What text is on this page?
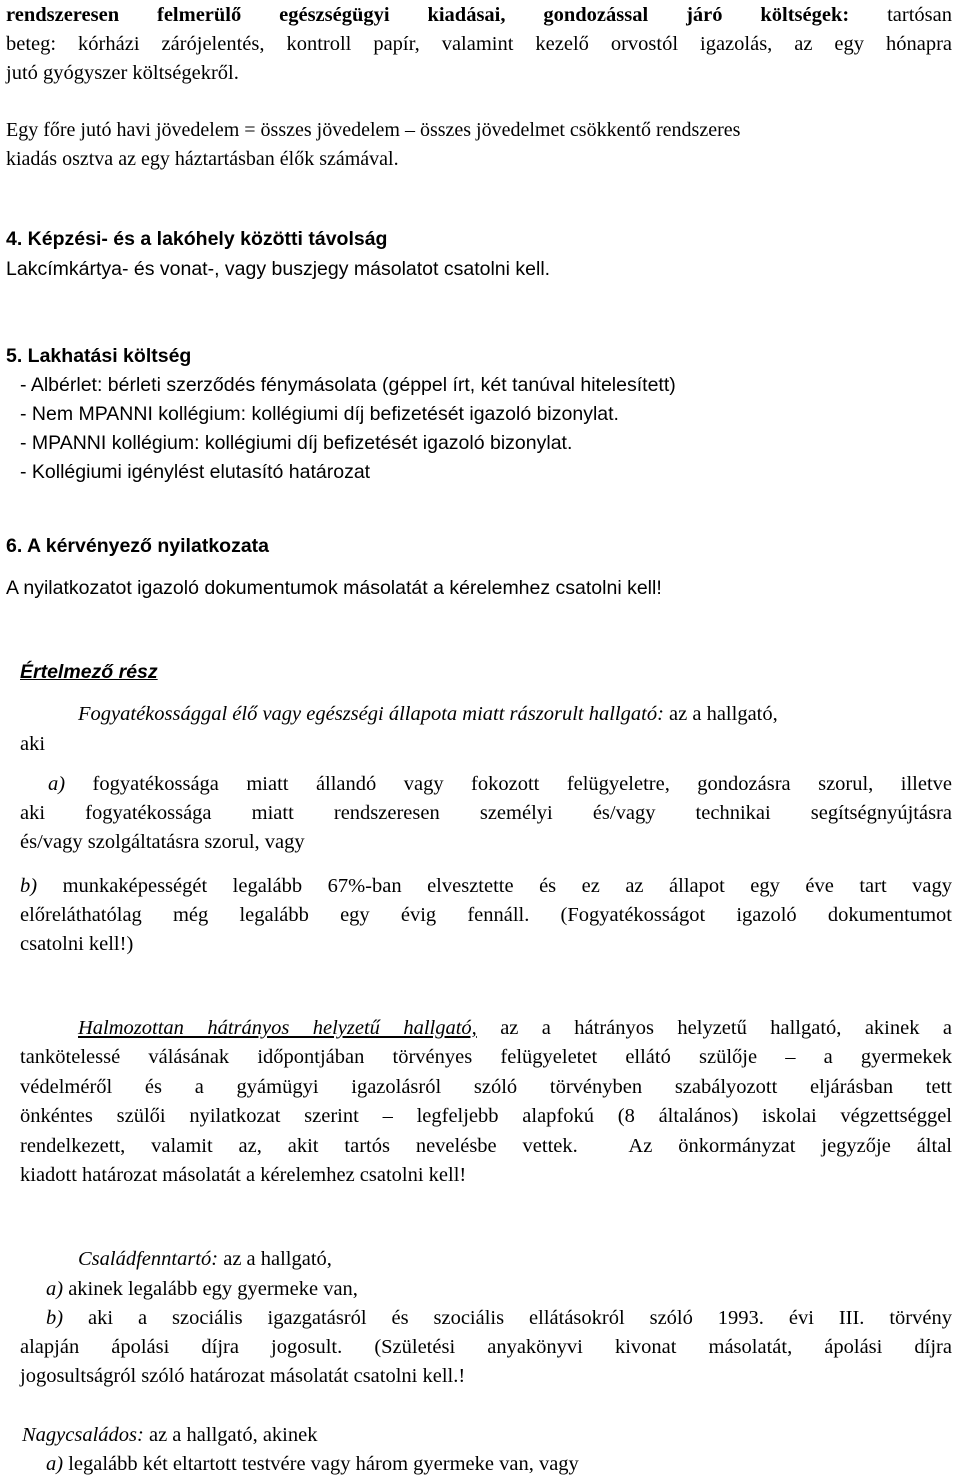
rendszeresen felmerülő egészségügyi kiadásai, gondozással járó költségek: tartósan
beteg: kórházi zárójelentés, kontroll papír, valamint kezelő orvostól igazolás, az egy hónapra
jutó gyógyszer költségekről.
Egy főre jutó havi jövedelem = összes jövedelem – összes jövedelmet csökkentő rendszeres
kiadás osztva az egy háztartásban élők számával.
4. Képzési- és a lakóhely közötti távolság
Lakcímkártya- és vonat-, vagy buszjegy másolatot csatolni kell.
5. Lakhatási költség
- Albérlet: bérleti szerződés fénymásolata (géppel írt, két tanúval hitelesített)
- Nem MPANNI kollégium: kollégiumi díj befizetését igazoló bizonylat.
- MPANNI kollégium: kollégiumi díj befizetését igazoló bizonylat.
- Kollégiumi igénylést elutasító határozat
6. A kérvényező nyilatkozata
A nyilatkozatot igazoló dokumentumok másolatát a kérelemhez csatolni kell!
Értelmező rész
Fogyatékossággal élő vagy egészségi állapota miatt rászorult hallgató: az a hallgató,
aki
a) fogyatékossága miatt állandó vagy fokozott felügyeletre, gondozásra szorul, illetve
aki fogyatékossága miatt rendszeresen személyi és/vagy technikai segítségnyújtásra
és/vagy szolgáltatásra szorul, vagy
b) munkaképességét legalább 67%-ban elvesztette és ez az állapot egy éve tart vagy
előreláthatólag még legalább egy évig fennáll. (Fogyatékosságot igazoló dokumentumot
csatolni kell!)
Halmozottan hátrányos helyzetű hallgató, az a hátrányos helyzetű hallgató, akinek a
tankötelessé válásának időpontjában törvényes felügyeletet ellátó szülője – a gyermekek
védelméről és a gyámügyi igazolásról szóló törvényben szabályozott eljárásban tett
önkéntes szülői nyilatkozat szerint – legfeljebb alapfokú (8 általános) iskolai végzettséggel
rendelkezett, valamit az, akit tartós nevelésbe vettek.  Az önkormányzat jegyzője által
kiadott határozat másolatát a kérelemhez csatolni kell!
Családfenntartó: az a hallgató,
a) akinek legalább egy gyermeke van,
b) aki a szociális igazgatásról és szociális ellátásokról szóló 1993. évi III. törvény
alapján ápolási díjra jogosult. (Születési anyakönyvi kivonat másolatát, ápolási díjra
jogosultságról szóló határozat másolatát csatolni kell.!
Nagycsaládos: az a hallgató, akinek
a) legalább két eltartott testvére vagy három gyermeke van, vagy
